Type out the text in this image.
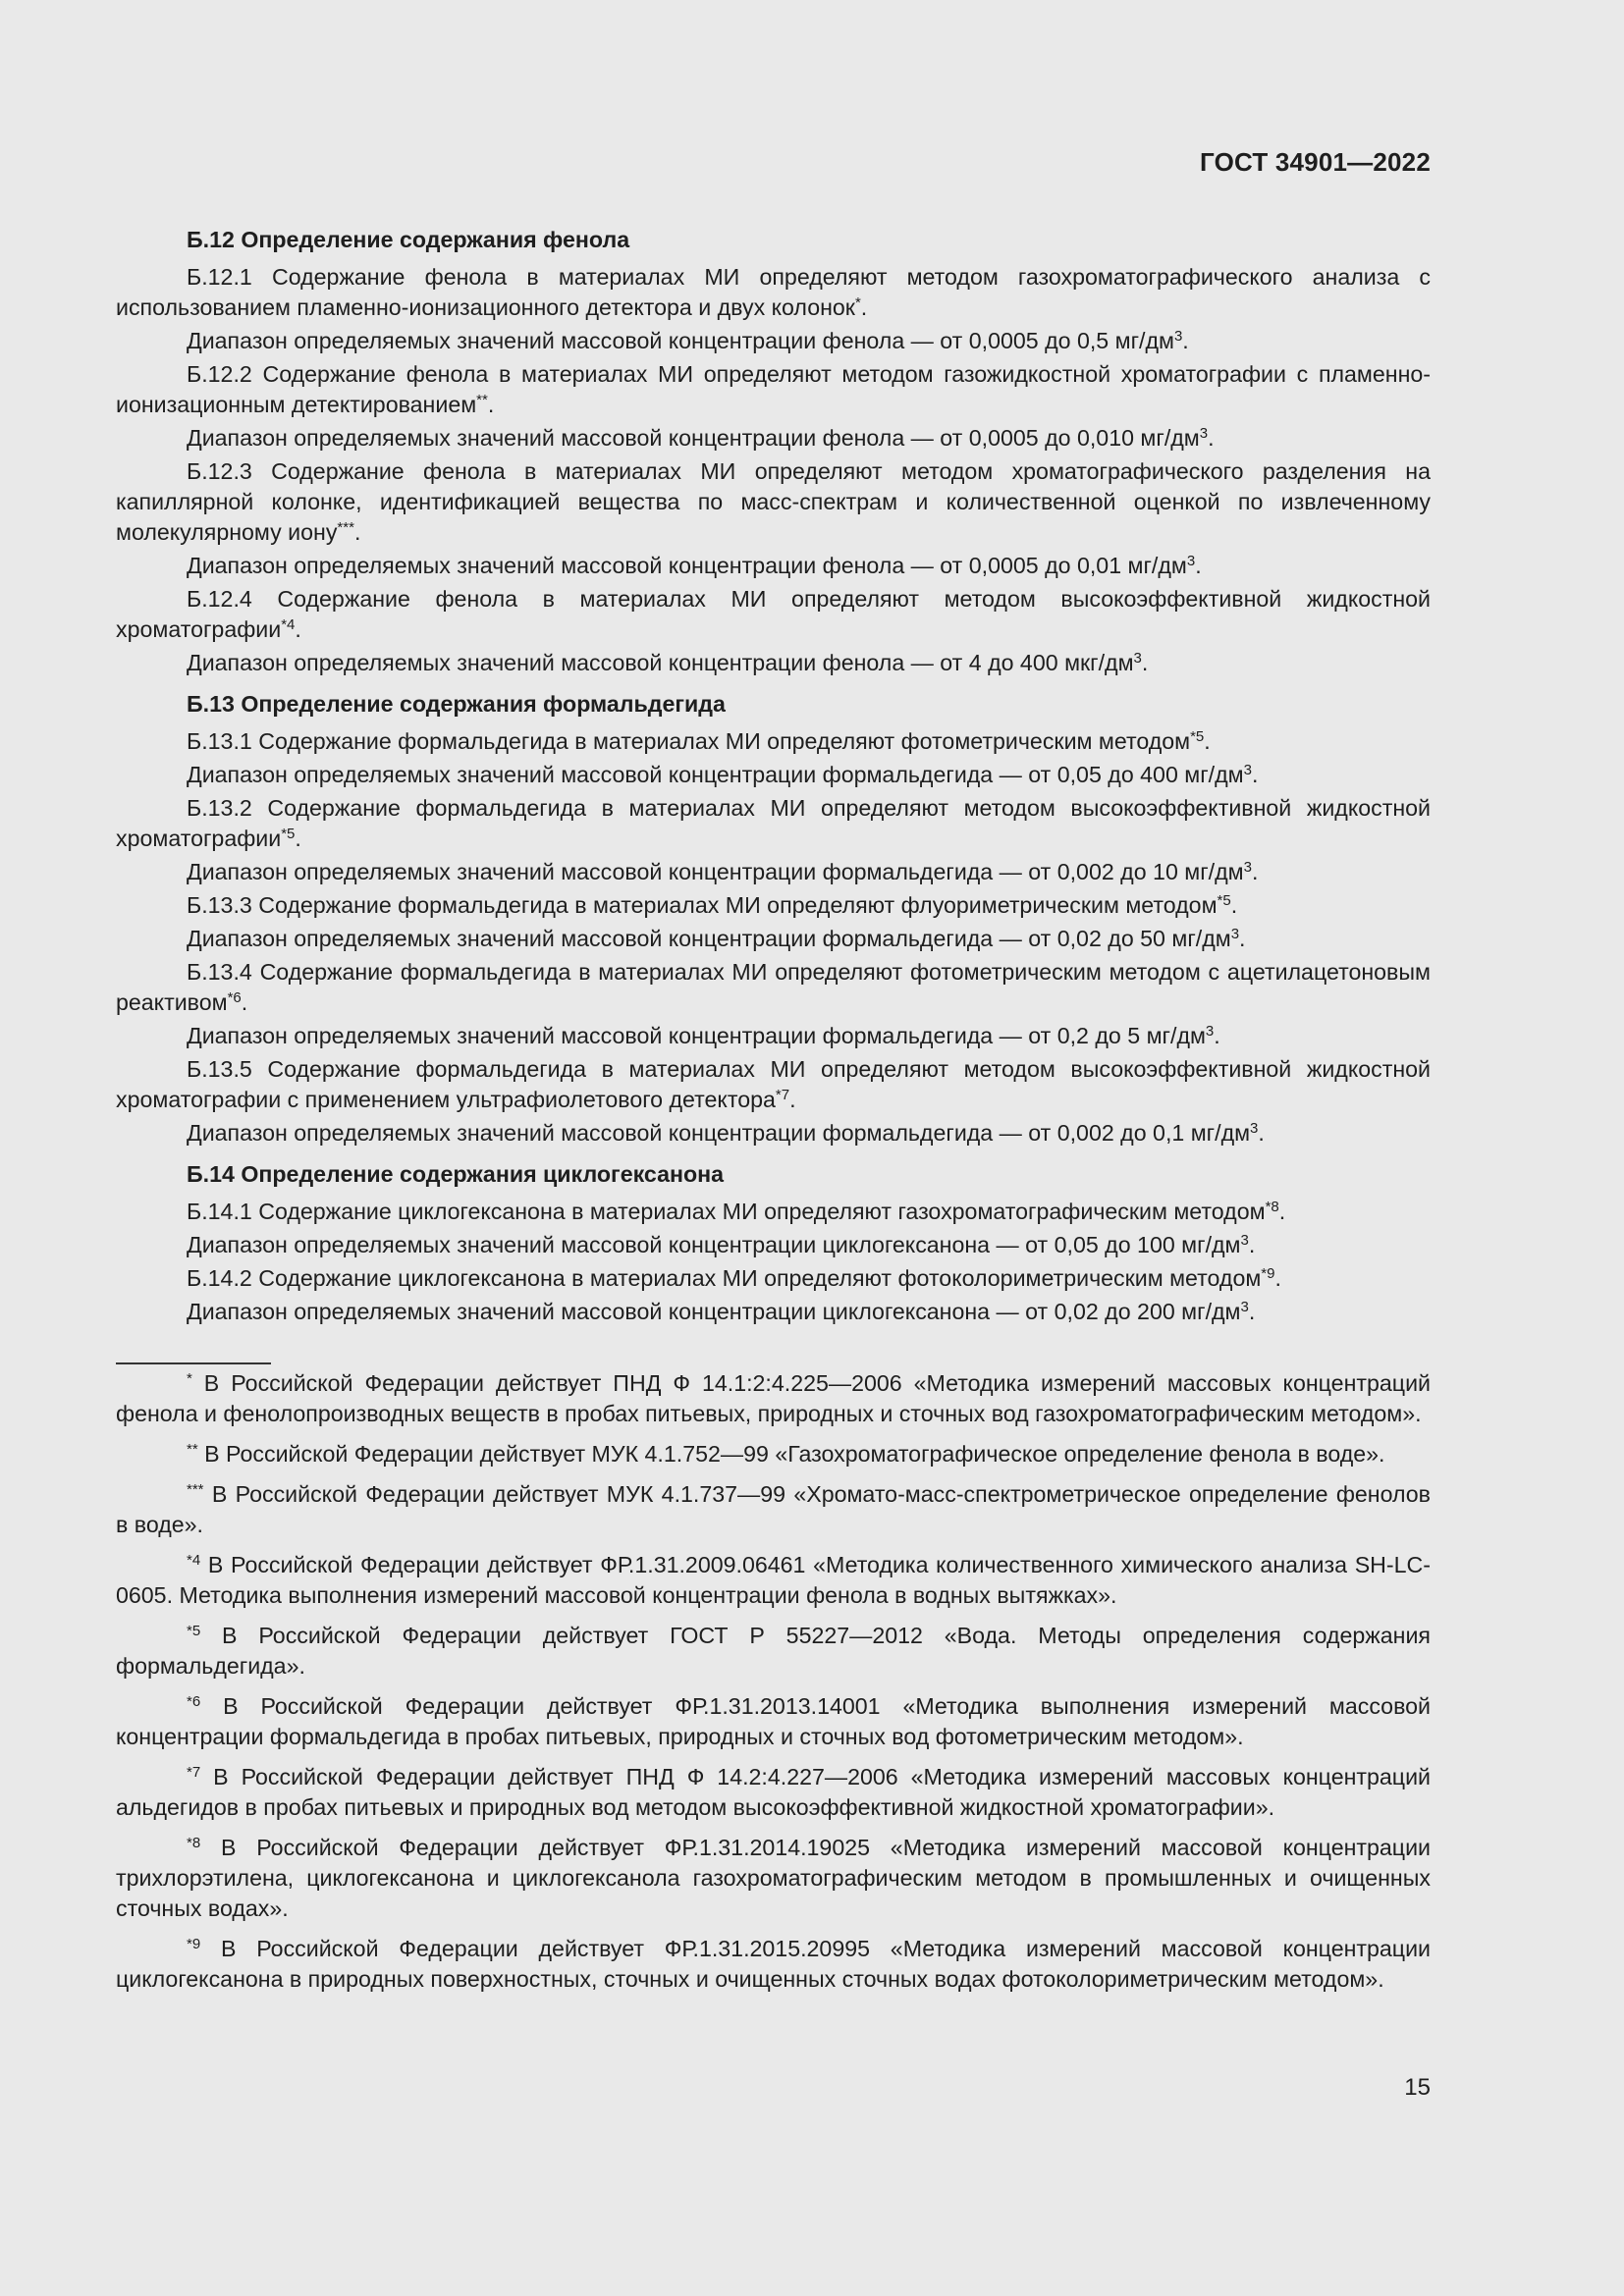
ГОСТ 34901—2022
Б.12 Определение содержания фенола
Б.12.1 Содержание фенола в материалах МИ определяют методом газохроматографического анализа с использованием пламенно-ионизационного детектора и двух колонок*.
Диапазон определяемых значений массовой концентрации фенола — от 0,0005 до 0,5 $мг/дм^3$.
Б.12.2 Содержание фенола в материалах МИ определяют методом газожидкостной хроматографии с пламенно-ионизационным детектированием**.
Диапазон определяемых значений массовой концентрации фенола — от 0,0005 до 0,010 $мг/дм^3$.
Б.12.3 Содержание фенола в материалах МИ определяют методом хроматографического разделения на капиллярной колонке, идентификацией вещества по масс-спектрам и количественной оценкой по извлеченному молекулярному иону***.
Диапазон определяемых значений массовой концентрации фенола — от 0,0005 до 0,01 $мг/дм^3$.
Б.12.4 Содержание фенола в материалах МИ определяют методом высокоэффективной жидкостной хроматографии$^{*4}$.
Диапазон определяемых значений массовой концентрации фенола — от 4 до 400 мкг/$дм^3$.
Б.13 Определение содержания формальдегида
Б.13.1 Содержание формальдегида в материалах МИ определяют фотометрическим методом$^{*5}$.
Диапазон определяемых значений массовой концентрации формальдегида — от 0,05 до 400 $мг/дм^3$.
Б.13.2 Содержание формальдегида в материалах МИ определяют методом высокоэффективной жидкостной хроматографии$^{*5}$.
Диапазон определяемых значений массовой концентрации формальдегида — от 0,002 до 10 $мг/дм^3$.
Б.13.3 Содержание формальдегида в материалах МИ определяют флуориметрическим методом$^{*5}$.
Диапазон определяемых значений массовой концентрации формальдегида — от 0,02 до 50 $мг/дм^3$.
Б.13.4 Содержание формальдегида в материалах МИ определяют фотометрическим методом с ацетилацетоновым реактивом$^{*6}$.
Диапазон определяемых значений массовой концентрации формальдегида — от 0,2 до 5 $мг/дм^3$.
Б.13.5 Содержание формальдегида в материалах МИ определяют методом высокоэффективной жидкостной хроматографии с применением ультрафиолетового детектора$^{*7}$.
Диапазон определяемых значений массовой концентрации формальдегида — от 0,002 до 0,1 $мг/дм^3$.
Б.14 Определение содержания циклогексанона
Б.14.1 Содержание циклогексанона в материалах МИ определяют газохроматографическим методом$^{*8}$.
Диапазон определяемых значений массовой концентрации циклогексанона — от 0,05 до 100 $мг/дм^3$.
Б.14.2 Содержание циклогексанона в материалах МИ определяют фотоколориметрическим методом$^{*9}$.
Диапазон определяемых значений массовой концентрации циклогексанона — от 0,02 до 200 $мг/дм^3$.
* В Российской Федерации действует ПНД Ф 14.1:2:4.225—2006 «Методика измерений массовых концентраций фенола и фенолопроизводных веществ в пробах питьевых, природных и сточных вод газохроматографическим методом».
** В Российской Федерации действует МУК 4.1.752—99 «Газохроматографическое определение фенола в воде».
*** В Российской Федерации действует МУК 4.1.737—99 «Хромато-масс-спектрометрическое определение фенолов в воде».
$^{*4}$ В Российской Федерации действует ФР.1.31.2009.06461 «Методика количественного химического анализа SH-LC-0605. Методика выполнения измерений массовой концентрации фенола в водных вытяжках».
$^{*5}$ В Российской Федерации действует ГОСТ Р 55227—2012 «Вода. Методы определения содержания формальдегида».
$^{*6}$ В Российской Федерации действует ФР.1.31.2013.14001 «Методика выполнения измерений массовой концентрации формальдегида в пробах питьевых, природных и сточных вод фотометрическим методом».
$^{*7}$ В Российской Федерации действует ПНД Ф 14.2:4.227—2006 «Методика измерений массовых концентраций альдегидов в пробах питьевых и природных вод методом высокоэффективной жидкостной хроматографии».
$^{*8}$ В Российской Федерации действует ФР.1.31.2014.19025 «Методика измерений массовой концентрации трихлорэтилена, циклогексанона и циклогексанола газохроматографическим методом в промышленных и очищенных сточных водах».
$^{*9}$ В Российской Федерации действует ФР.1.31.2015.20995 «Методика измерений массовой концентрации циклогексанона в природных поверхностных, сточных и очищенных сточных водах фотоколориметрическим методом».
15
